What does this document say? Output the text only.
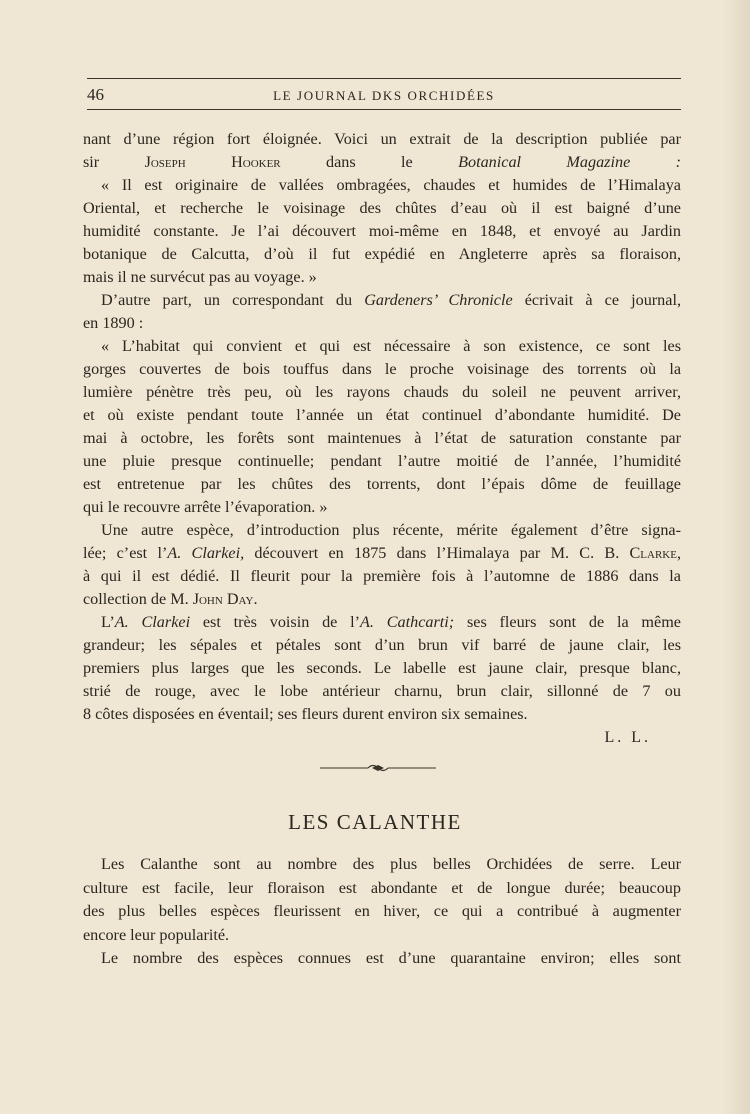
46	LE JOURNAL DKS ORCHIDÉES
nant d’une région fort éloignée. Voici un extrait de la description publiée par
sir Joseph Hooker dans le Botanical Magazine :
« Il est originaire de vallées ombragées, chaudes et humides de l’Himalaya
Oriental, et recherche le voisinage des chûtes d’eau où il est baigné d’une
humidité constante. Je l’ai découvert moi-même en 1848, et envoyé au Jardin
botanique de Calcutta, d’où il fut expédié en Angleterre après sa floraison,
mais il ne survécut pas au voyage. »
D’autre part, un correspondant du Gardeners’ Chronicle écrivait à ce journal,
en 1890 :
« L’habitat qui convient et qui est nécessaire à son existence, ce sont les
gorges couvertes de bois touffus dans le proche voisinage des torrents où la
lumière pénètre très peu, où les rayons chauds du soleil ne peuvent arriver,
et où existe pendant toute l’année un état continuel d’abondante humidité. De
mai à octobre, les forêts sont maintenues à l’état de saturation constante par
une pluie presque continuelle; pendant l’autre moitié de l’année, l’humidité
est entretenue par les chûtes des torrents, dont l’épais dôme de feuillage
qui le recouvre arrête l’évaporation. »
Une autre espèce, d’introduction plus récente, mérite également d’être signa-
lée; c’est l’A. Clarkei, découvert en 1875 dans l’Himalaya par M. C. B. Clarke,
à qui il est dédié. Il fleurit pour la première fois à l’automne de 1886 dans la
collection de M. John Day.
L’A. Clarkei est très voisin de l’A. Cathcarti; ses fleurs sont de la même
grandeur; les sépales et pétales sont d’un brun vif barré de jaune clair, les
premiers plus larges que les seconds. Le labelle est jaune clair, presque blanc,
strié de rouge, avec le lobe antérieur charnu, brun clair, sillonné de 7 ou
8 côtes disposées en éventail; ses fleurs durent environ six semaines.
L. L.
LES CALANTHE
Les Calanthe sont au nombre des plus belles Orchidées de serre. Leur
culture est facile, leur floraison est abondante et de longue durée; beaucoup
des plus belles espèces fleurissent en hiver, ce qui a contribué à augmenter
encore leur popularité.
Le nombre des espèces connues est d’une quarantaine environ; elles sont
